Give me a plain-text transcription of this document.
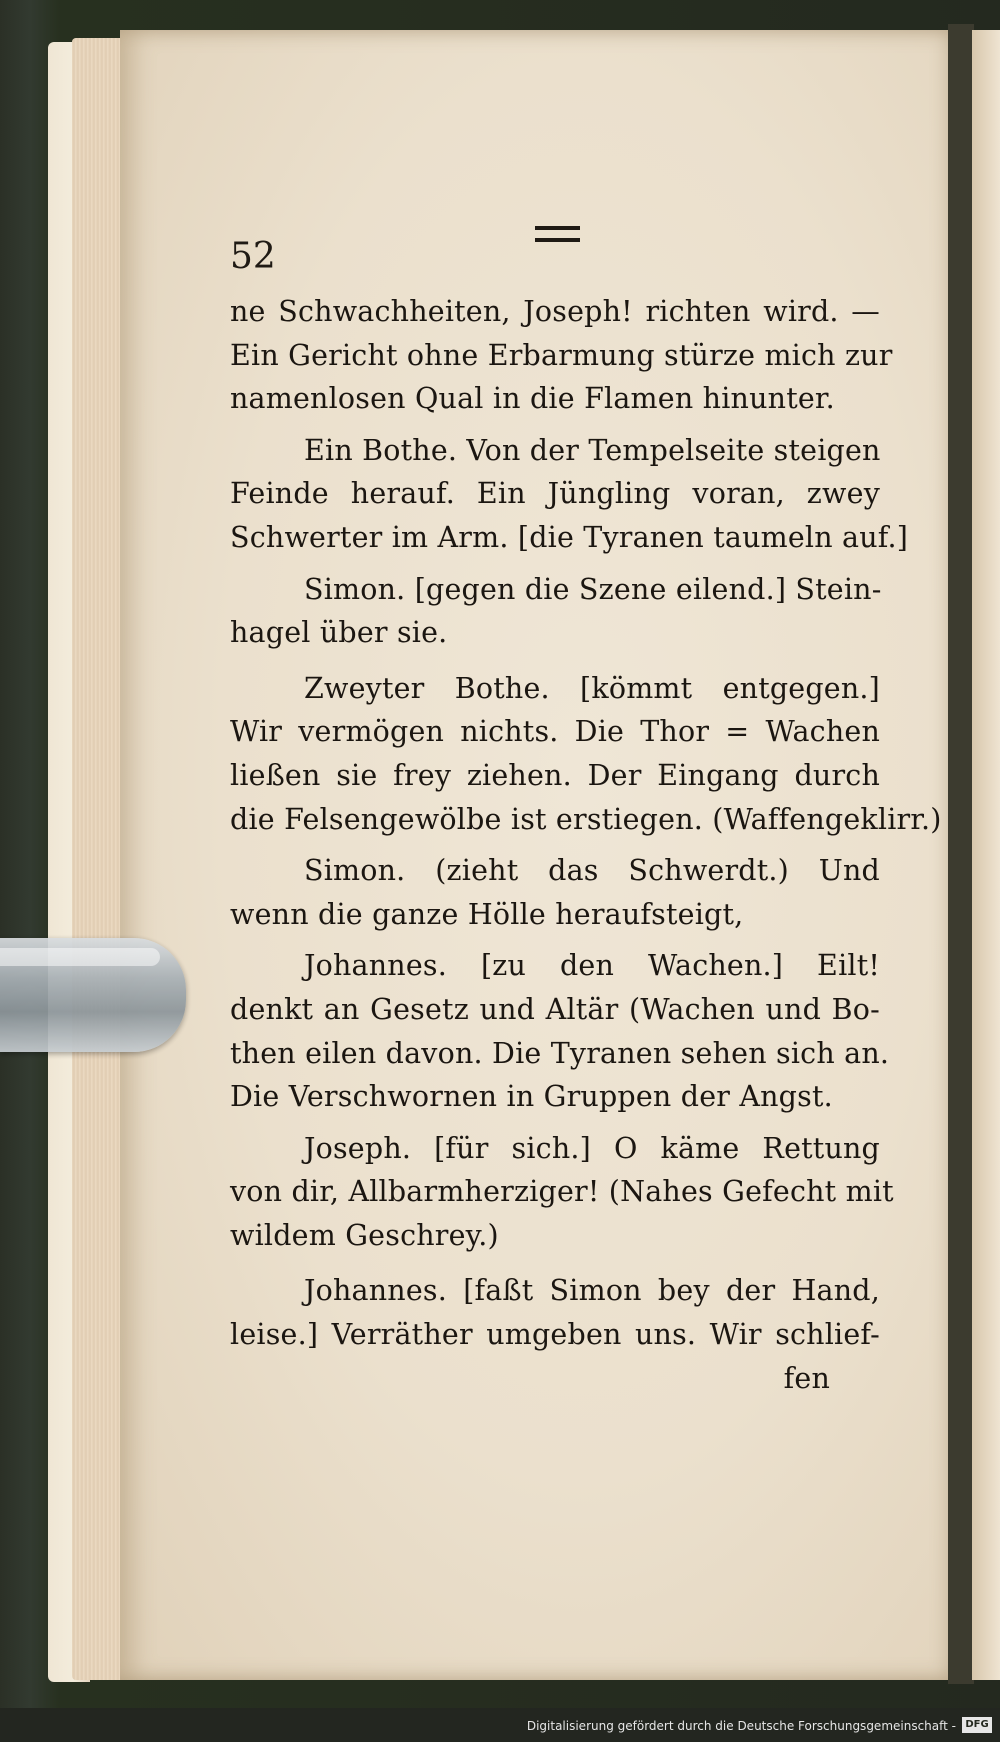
52
ne Schwachheiten, Joseph! richten wird. —
Ein Gericht ohne Erbarmung stürze mich zur
namenlosen Qual in die Flamen hinunter.
Ein Bothe. Von der Tempelseite steigen
Feinde herauf. Ein Jüngling voran, zwey
Schwerter im Arm. [die Tyranen taumeln auf.]
Simon. [gegen die Szene eilend.] Stein-
hagel über sie.
Zweyter Bothe. [kömmt entgegen.]
Wir vermögen nichts. Die Thor = Wachen
ließen sie frey ziehen. Der Eingang durch
die Felsengewölbe ist erstiegen. (Waffengeklirr.)
Simon. (zieht das Schwerdt.) Und
wenn die ganze Hölle heraufsteigt,
Johannes. [zu den Wachen.] Eilt!
denkt an Gesetz und Altär (Wachen und Bo-
then eilen davon. Die Tyranen sehen sich an.
Die Verschwornen in Gruppen der Angst.
Joseph. [für sich.] O käme Rettung
von dir, Allbarmherziger! (Nahes Gefecht mit
wildem Geschrey.)
Johannes. [faßt Simon bey der Hand,
leise.] Verräther umgeben uns. Wir schlief-
fen
Digitalisierung gefördert durch die Deutsche Forschungsgemeinschaft - DFG
